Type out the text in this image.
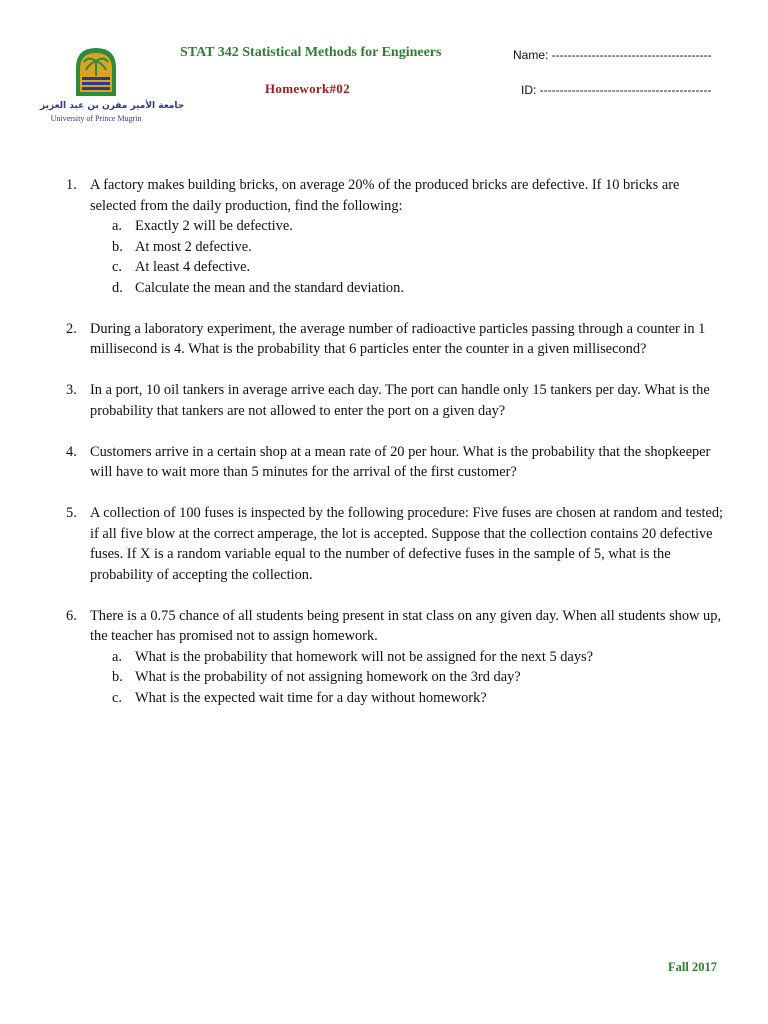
جامعة الأمير مقرن بن عبد العزيز
University of Prince Mugrin
STAT 342 Statistical Methods for Engineers
Homework#02
Name: ----------------------------------------
ID: -------------------------------------------
1. A factory makes building bricks, on average 20% of the produced bricks are defective. If 10 bricks are selected from the daily production, find the following:
a. Exactly 2 will be defective.
b. At most 2 defective.
c. At least 4 defective.
d. Calculate the mean and the standard deviation.
2. During a laboratory experiment, the average number of radioactive particles passing through a counter in 1 millisecond is 4. What is the probability that 6 particles enter the counter in a given millisecond?
3. In a port, 10 oil tankers in average arrive each day. The port can handle only 15 tankers per day. What is the probability that tankers are not allowed to enter the port on a given day?
4. Customers arrive in a certain shop at a mean rate of 20 per hour. What is the probability that the shopkeeper will have to wait more than 5 minutes for the arrival of the first customer?
5. A collection of 100 fuses is inspected by the following procedure: Five fuses are chosen at random and tested; if all five blow at the correct amperage, the lot is accepted. Suppose that the collection contains 20 defective fuses. If X is a random variable equal to the number of defective fuses in the sample of 5, what is the probability of accepting the collection.
6. There is a 0.75 chance of all students being present in stat class on any given day. When all students show up, the teacher has promised not to assign homework.
a. What is the probability that homework will not be assigned for the next 5 days?
b. What is the probability of not assigning homework on the 3rd day?
c. What is the expected wait time for a day without homework?
Fall 2017
